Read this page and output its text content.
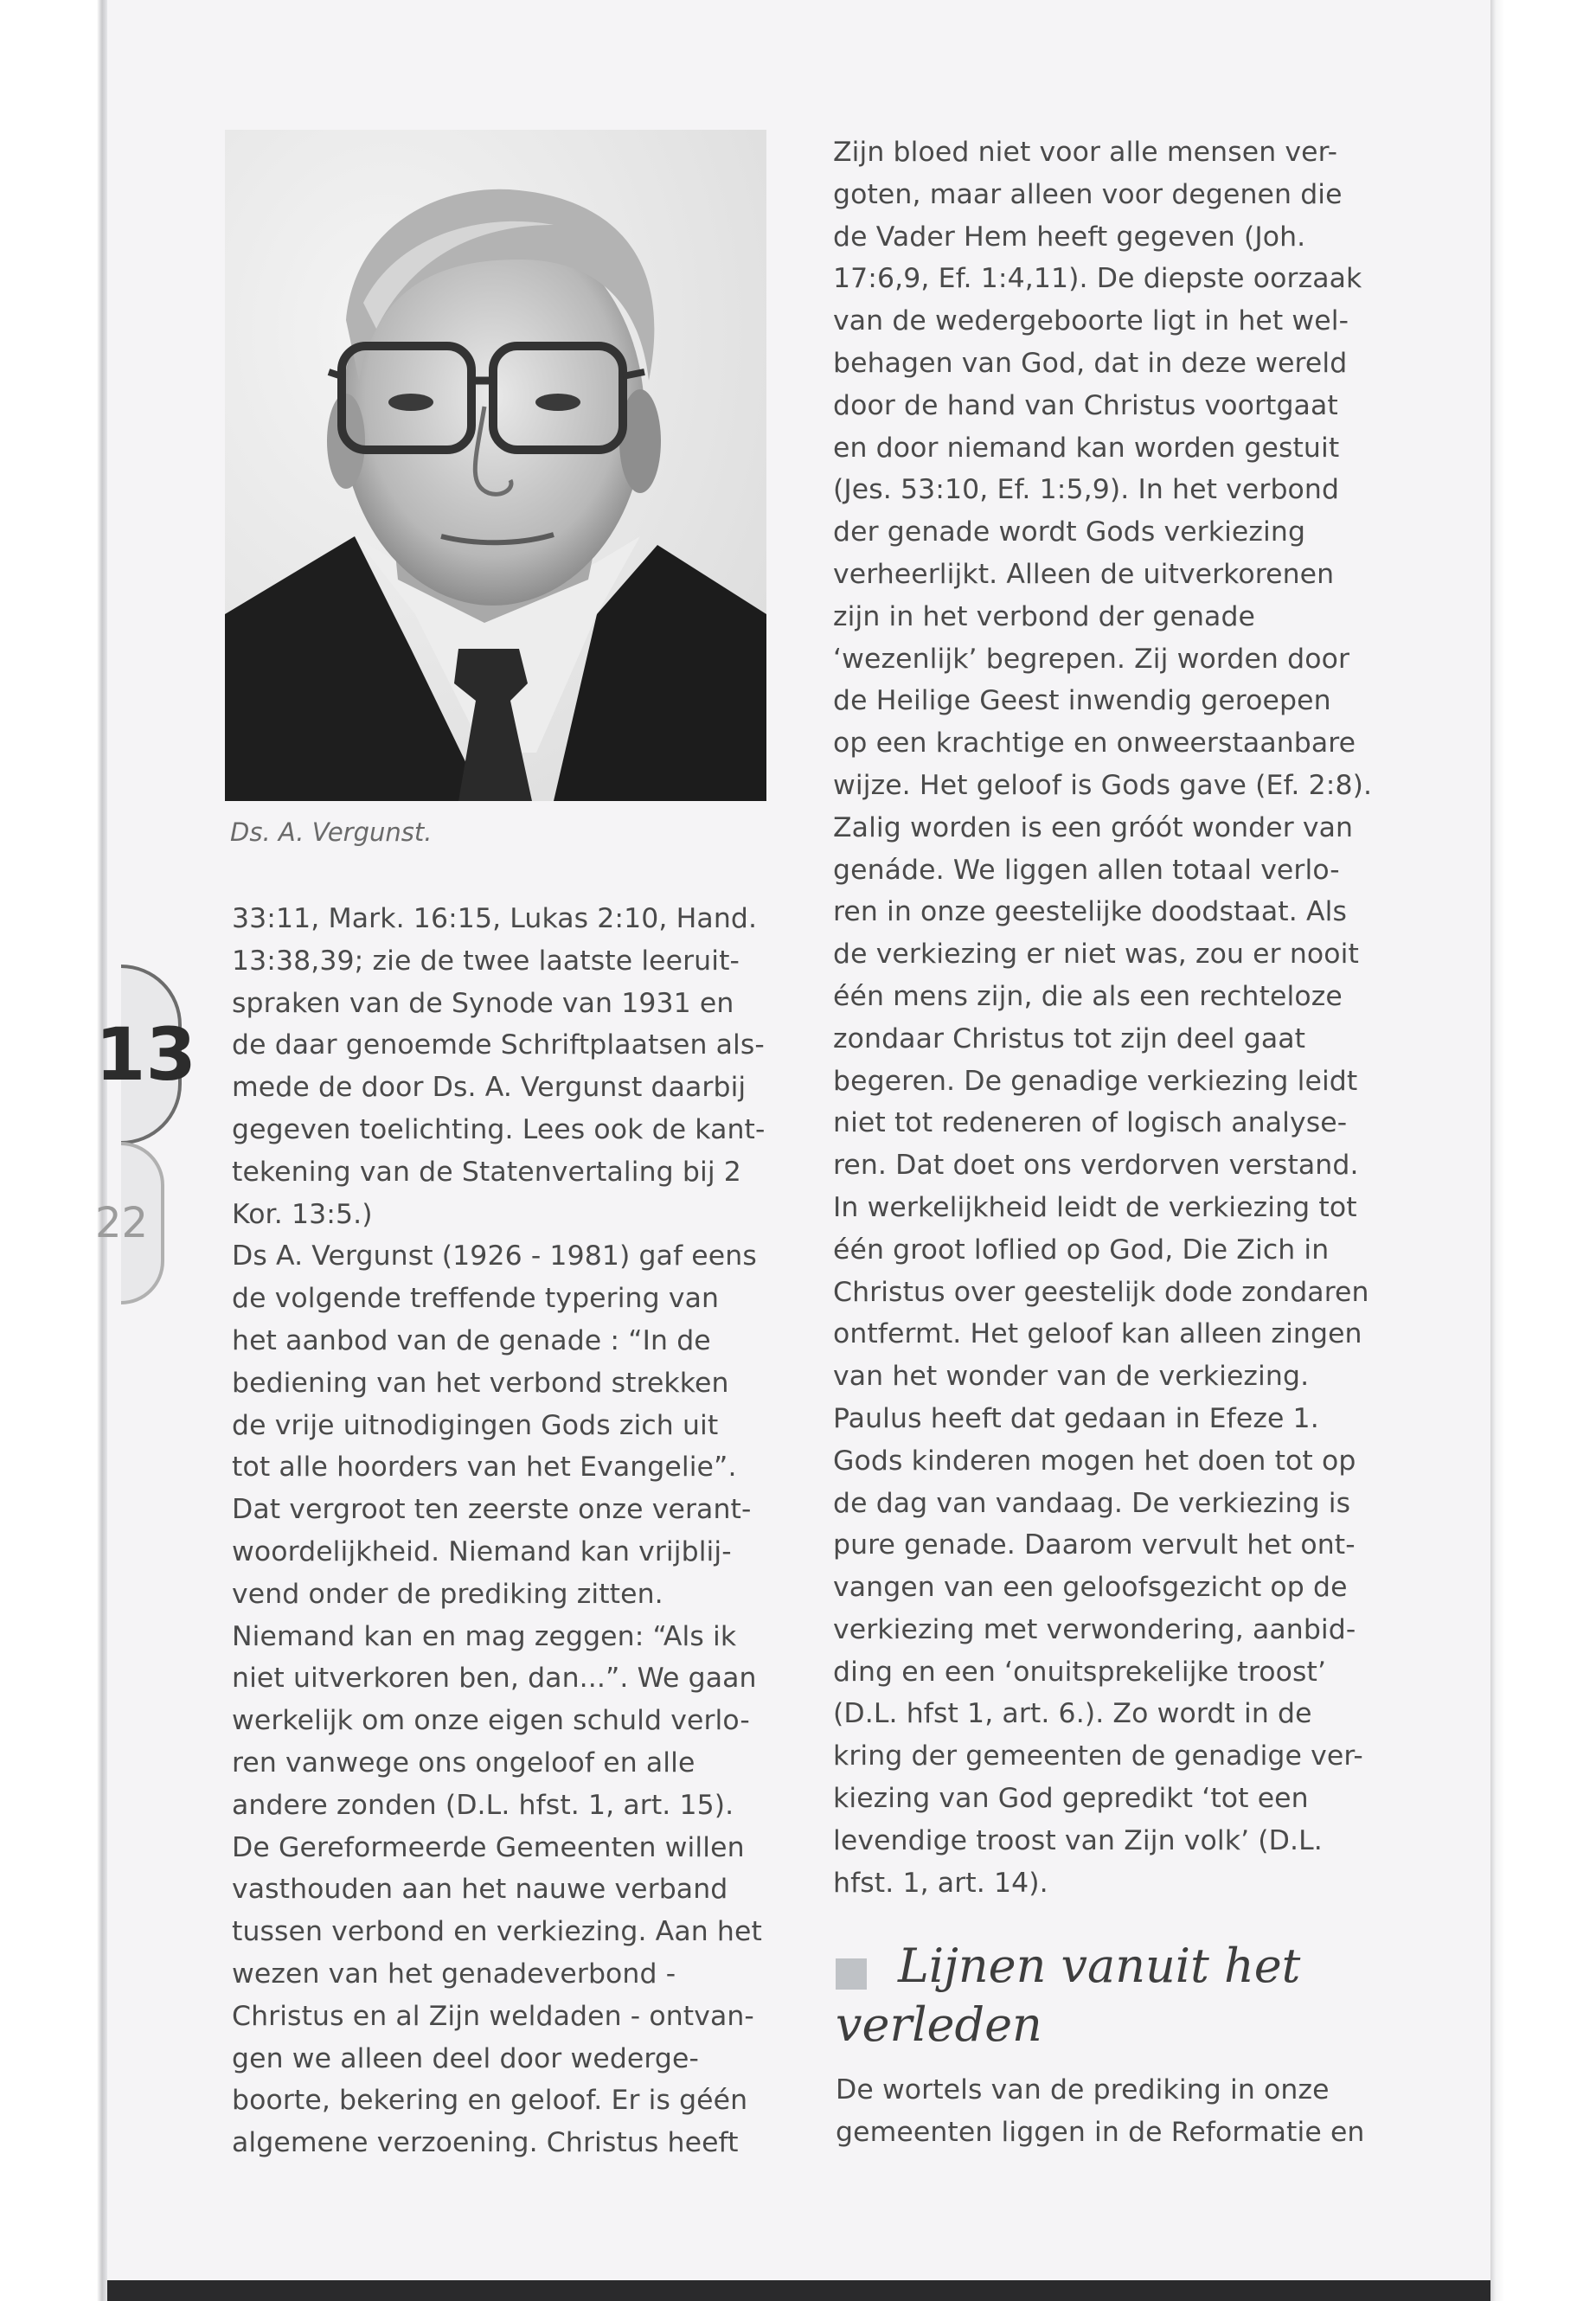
13
22
Ds. A. Vergunst.
33:11, Mark. 16:15, Lukas 2:10, Hand.
13:38,39; zie de twee laatste leeruit-
spraken van de Synode van 1931 en
de daar genoemde Schriftplaatsen als-
mede de door Ds. A. Vergunst daarbij
gegeven toelichting. Lees ook de kant-
tekening van de Statenvertaling bij 2
Kor. 13:5.)
Ds A. Vergunst (1926 - 1981) gaf eens
de volgende treffende typering van
het aanbod van de genade : “In de
bediening van het verbond strekken
de vrije uitnodigingen Gods zich uit
tot alle hoorders van het Evangelie”.
Dat vergroot ten zeerste onze verant-
woordelijkheid. Niemand kan vrijblij-
vend onder de prediking zitten.
Niemand kan en mag zeggen: “Als ik
niet uitverkoren ben, dan...”. We gaan
werkelijk om onze eigen schuld verlo-
ren vanwege ons ongeloof en alle
andere zonden (D.L. hfst. 1, art. 15).
De Gereformeerde Gemeenten willen
vasthouden aan het nauwe verband
tussen verbond en verkiezing. Aan het
wezen van het genadeverbond -
Christus en al Zijn weldaden - ontvan-
gen we alleen deel door wederge-
boorte, bekering en geloof. Er is géén
algemene verzoening. Christus heeft
Zijn bloed niet voor alle mensen ver-
goten, maar alleen voor degenen die
de Vader Hem heeft gegeven (Joh.
17:6,9, Ef. 1:4,11). De diepste oorzaak
van de wedergeboorte ligt in het wel-
behagen van God, dat in deze wereld
door de hand van Christus voortgaat
en door niemand kan worden gestuit
(Jes. 53:10, Ef. 1:5,9). In het verbond
der genade wordt Gods verkiezing
verheerlijkt. Alleen de uitverkorenen
zijn in het verbond der genade
‘wezenlijk’ begrepen. Zij worden door
de Heilige Geest inwendig geroepen
op een krachtige en onweerstaanbare
wijze. Het geloof is Gods gave (Ef. 2:8).
Zalig worden is een gróót wonder van
genáde. We liggen allen totaal verlo-
ren in onze geestelijke doodstaat. Als
de verkiezing er niet was, zou er nooit
één mens zijn, die als een rechteloze
zondaar Christus tot zijn deel gaat
begeren. De genadige verkiezing leidt
niet tot redeneren of logisch analyse-
ren. Dat doet ons verdorven verstand.
In werkelijkheid leidt de verkiezing tot
één groot loflied op God, Die Zich in
Christus over geestelijk dode zondaren
ontfermt. Het geloof kan alleen zingen
van het wonder van de verkiezing.
Paulus heeft dat gedaan in Efeze 1.
Gods kinderen mogen het doen tot op
de dag van vandaag. De verkiezing is
pure genade. Daarom vervult het ont-
vangen van een geloofsgezicht op de
verkiezing met verwondering, aanbid-
ding en een ‘onuitsprekelijke troost’
(D.L. hfst 1, art. 6.). Zo wordt in de
kring der gemeenten de genadige ver-
kiezing van God gepredikt ‘tot een
levendige troost van Zijn volk’ (D.L.
hfst. 1, art. 14).
Lijnen vanuit het
verleden
De wortels van de prediking in onze
gemeenten liggen in de Reformatie en
